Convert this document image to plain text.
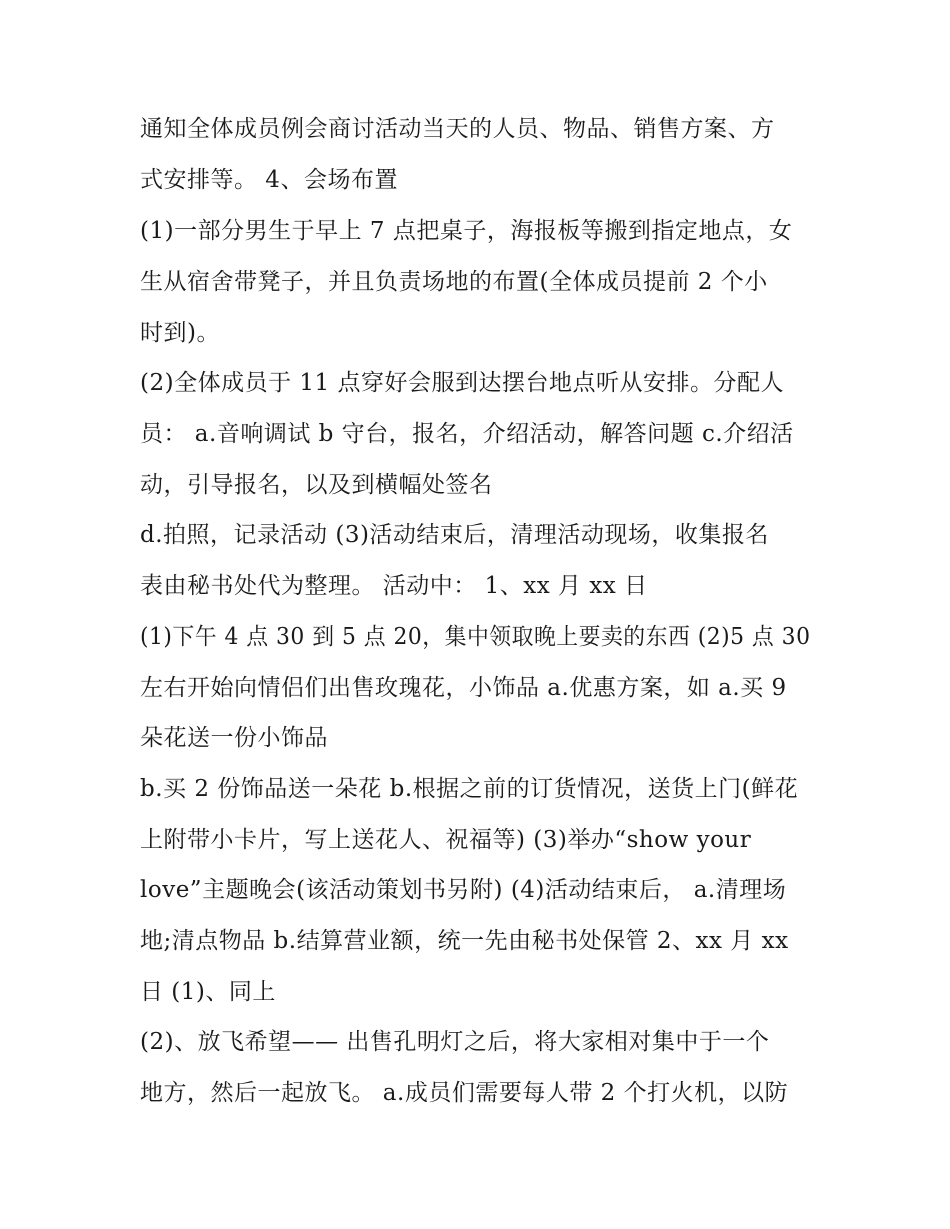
通知全体成员例会商讨活动当天的人员、物品、销售方案、方
式安排等。 4、会场布置
(1)一部分男生于早上 7 点把桌子，海报板等搬到指定地点，女
生从宿舍带凳子，并且负责场地的布置(全体成员提前 2 个小
时到)。
(2)全体成员于 11 点穿好会服到达摆台地点听从安排。分配人
员： a.音响调试 b 守台，报名，介绍活动，解答问题 c.介绍活
动，引导报名，以及到横幅处签名
d.拍照，记录活动 (3)活动结束后，清理活动现场，收集报名
表由秘书处代为整理。 活动中： 1、xx 月 xx 日
(1)下午 4 点 30 到 5 点 20，集中领取晚上要卖的东西 (2)5 点 30
左右开始向情侣们出售玫瑰花，小饰品 a.优惠方案，如 a.买 9
朵花送一份小饰品
b.买 2 份饰品送一朵花 b.根据之前的订货情况，送货上门(鲜花
上附带小卡片，写上送花人、祝福等) (3)举办“show your
love”主题晚会(该活动策划书另附) (4)活动结束后， a.清理场
地;清点物品 b.结算营业额，统一先由秘书处保管 2、xx 月 xx
日 (1)、同上
(2)、放飞希望—— 出售孔明灯之后，将大家相对集中于一个
地方，然后一起放飞。 a.成员们需要每人带 2 个打火机，以防
